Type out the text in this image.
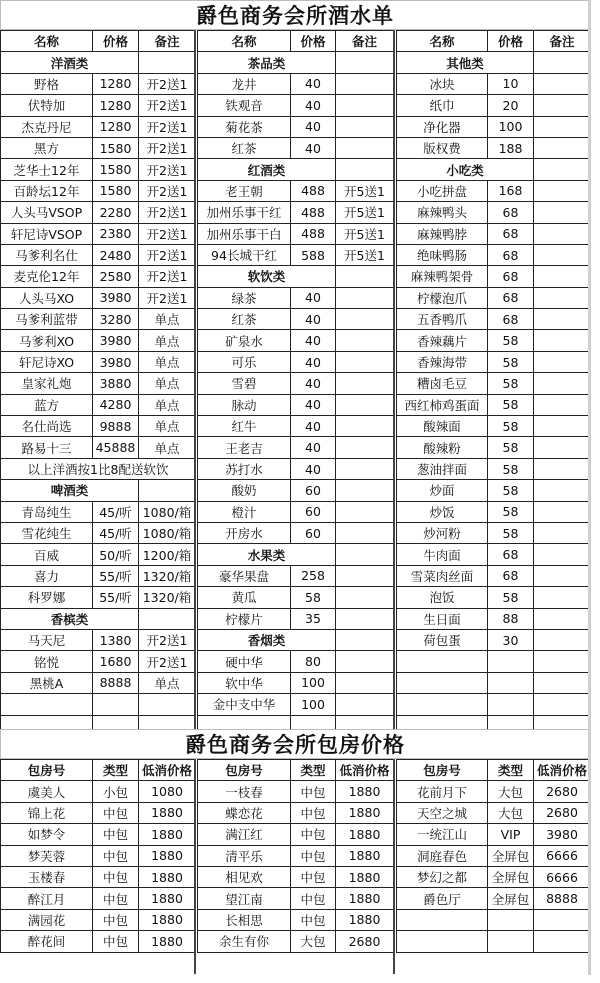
爵色商务会所酒水单
名称	价格	备注
洋酒类		
野格	1280	开2送1
伏特加	1280	开2送1
杰克丹尼	1280	开2送1
黑方	1580	开2送1
芝华士12年	1580	开2送1
百龄坛12年	1580	开2送1
人头马VSOP	2280	开2送1
轩尼诗VSOP	2380	开2送1
马爹利名仕	2480	开2送1
麦克伦12年	2580	开2送1
人头马XO	3980	开2送1
马爹利蓝带	3280	单点
马爹利XO	3980	单点
轩尼诗XO	3980	单点
皇家礼炮	3880	单点
蓝方	4280	单点
名仕尚选	9888	单点
路易十三	45888	单点
以上洋酒按1比8配送软饮		
啤酒类		
青岛纯生	45/听	1080/箱
雪花纯生	45/听	1080/箱
百威	50/听	1200/箱
喜力	55/听	1320/箱
科罗娜	55/听	1320/箱
香槟类		
马天尼	1380	开2送1
铭悦	1680	开2送1
黑桃A	8888	单点

名称	价格	备注
茶品类		
龙井	40	
铁观音	40	
菊花茶	40	
红茶	40	
红酒类		
老王朝	488	开5送1
加州乐事干红	488	开5送1
加州乐事干白	488	开5送1
94长城干红	588	开5送1
软饮类		
绿茶	40	
红茶	40	
矿泉水	40	
可乐	40	
雪碧	40	
脉动	40	
红牛	40	
王老吉	40	
苏打水	40	
酸奶	60	
橙汁	60	
开房水	60	
水果类		
豪华果盘	258	
黄瓜	58	
柠檬片	35	
香烟类		
硬中华	80	
软中华	100	
金中支中华	100	

名称	价格	备注
其他类		
冰块	10	
纸巾	20	
净化器	100	
版权费	188	
小吃类		
小吃拼盘	168	
麻辣鸭头	68	
麻辣鸭脖	68	
绝味鸭肠	68	
麻辣鸭架骨	68	
柠檬泡爪	68	
五香鸭爪	68	
香辣藕片	58	
香辣海带	58	
糟卤毛豆	58	
西红柿鸡蛋面	58	
酸辣面	58	
酸辣粉	58	
葱油拌面	58	
炒面	58	
炒饭	58	
炒河粉	58	
牛肉面	68	
雪菜肉丝面	68	
泡饭	58	
生日面	88	
荷包蛋	30	

爵色商务会所包房价格
包房号	类型	低消价格
虞美人	小包	1080
锦上花	中包	1880
如梦令	中包	1880
梦芙蓉	中包	1880
玉楼春	中包	1880
醉江月	中包	1880
满园花	中包	1880
醉花间	中包	1880
包房号	类型	低消价格
一枝春	中包	1880
蝶恋花	中包	1880
满江红	中包	1880
清平乐	中包	1880
相见欢	中包	1880
望江南	中包	1880
长相思	中包	1880
余生有你	大包	2680
包房号	类型	低消价格
花前月下	大包	2680
天空之城	大包	2680
一统江山	VIP	3980
洞庭春色	全屏包	6666
梦幻之都	全屏包	6666
爵色厅	全屏包	8888
